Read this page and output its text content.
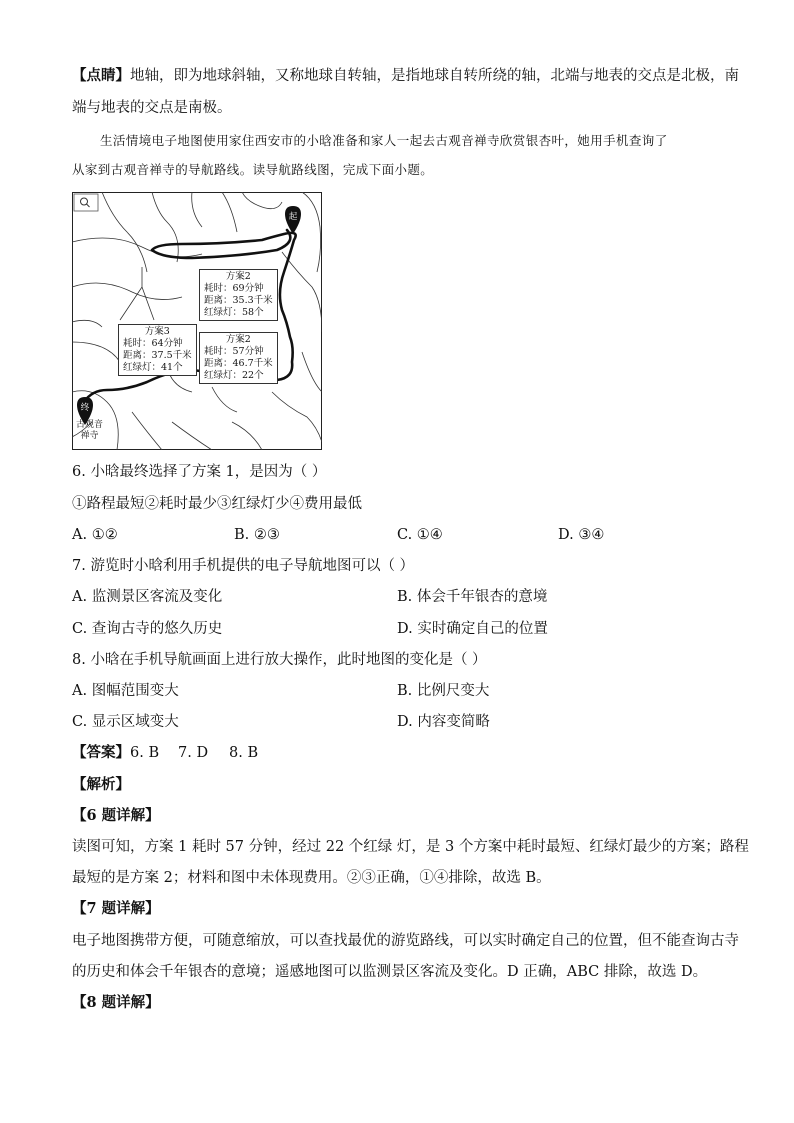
【点睛】地轴，即为地球斜轴，又称地球自转轴，是指地球自转所绕的轴，北端与地表的交点是北极，南
端与地表的交点是南极。
生活情境电子地图使用家住西安市的小晗准备和家人一起去古观音禅寺欣赏银杏叶，她用手机查询了
从家到古观音禅寺的导航路线。读导航路线图，完成下面小题。
起
终
古观音
禅寺
方案2
耗时：69分钟
距离：35.3千米
红绿灯：58个
方案3
耗时：64分钟
距离：37.5千米
红绿灯：41个
方案2
耗时：57分钟
距离：46.7千米
红绿灯：22个
6. 小晗最终选择了方案 1，是因为（ ）
①路程最短②耗时最少③红绿灯少④费用最低
A. ①②	B. ②③	C. ①④	D. ③④
7. 游览时小晗利用手机提供的电子导航地图可以（ ）
A. 监测景区客流及变化	B. 体会千年银杏的意境
C. 查询古寺的悠久历史	D. 实时确定自己的位置
8. 小晗在手机导航画面上进行放大操作，此时地图的变化是（ ）
A. 图幅范围变大	B. 比例尺变大
C. 显示区域变大	D. 内容变简略
【答案】6. B 7. D 8. B
【解析】
【6 题详解】
读图可知，方案 1 耗时 57 分钟，经过 22 个红绿 灯，是 3 个方案中耗时最短、红绿灯最少的方案；路程
最短的是方案 2；材料和图中未体现费用。②③正确，①④排除，故选 B。
【7 题详解】
电子地图携带方便，可随意缩放，可以查找最优的游览路线，可以实时确定自己的位置，但不能查询古寺
的历史和体会千年银杏的意境；遥感地图可以监测景区客流及变化。D 正确，ABC 排除，故选 D。
【8 题详解】
